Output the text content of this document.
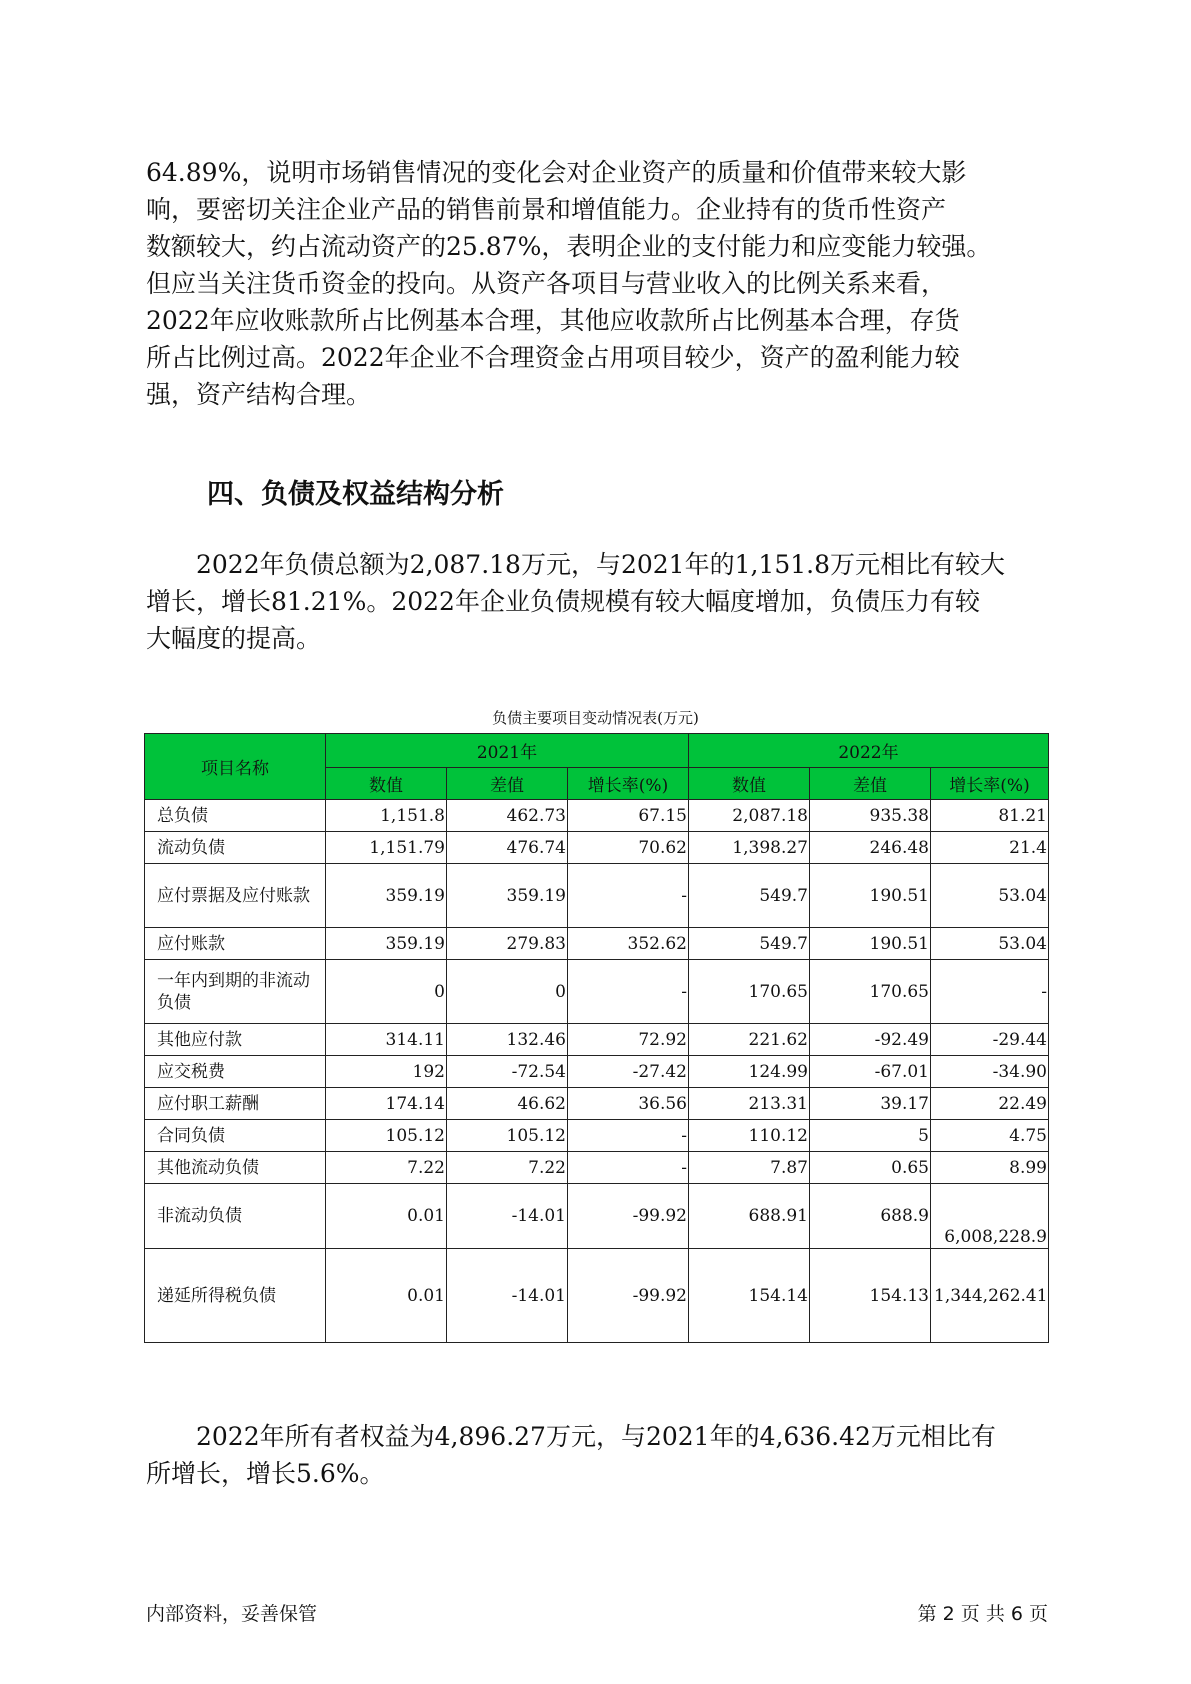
64.89%，说明市场销售情况的变化会对企业资产的质量和价值带来较大影
响，要密切关注企业产品的销售前景和增值能力。企业持有的货币性资产
数额较大，约占流动资产的25.87%，表明企业的支付能力和应变能力较强。
但应当关注货币资金的投向。从资产各项目与营业收入的比例关系来看，
2022年应收账款所占比例基本合理，其他应收款所占比例基本合理，存货
所占比例过高。2022年企业不合理资金占用项目较少，资产的盈利能力较
强，资产结构合理。
四、负债及权益结构分析
2022年负债总额为2,087.18万元，与2021年的1,151.8万元相比有较大
增长，增长81.21%。2022年企业负债规模有较大幅度增加，负债压力有较
大幅度的提高。
负债主要项目变动情况表(万元)
项目名称	2021年			2022年		
	数值	差值	增长率(%)	数值	差值	增长率(%)
总负债	1,151.8	462.73	67.15	2,087.18	935.38	81.21
流动负债	1,151.79	476.74	70.62	1,398.27	246.48	21.4
应付票据及应付账款	359.19	359.19	-	549.7	190.51	53.04
应付账款	359.19	279.83	352.62	549.7	190.51	53.04
一年内到期的非流动负债	0	0	-	170.65	170.65	-
其他应付款	314.11	132.46	72.92	221.62	-92.49	-29.44
应交税费	192	-72.54	-27.42	124.99	-67.01	-34.90
应付职工薪酬	174.14	46.62	36.56	213.31	39.17	22.49
合同负债	105.12	105.12	-	110.12	5	4.75
其他流动负债	7.22	7.22	-	7.87	0.65	8.99
非流动负债	0.01	-14.01	-99.92	688.91	688.9	6,008,228.9
递延所得税负债	0.01	-14.01	-99.92	154.14	154.13	1,344,262.41
2022年所有者权益为4,896.27万元，与2021年的4,636.42万元相比有
所增长，增长5.6%。
内部资料，妥善保管	第 2 页 共 6 页
